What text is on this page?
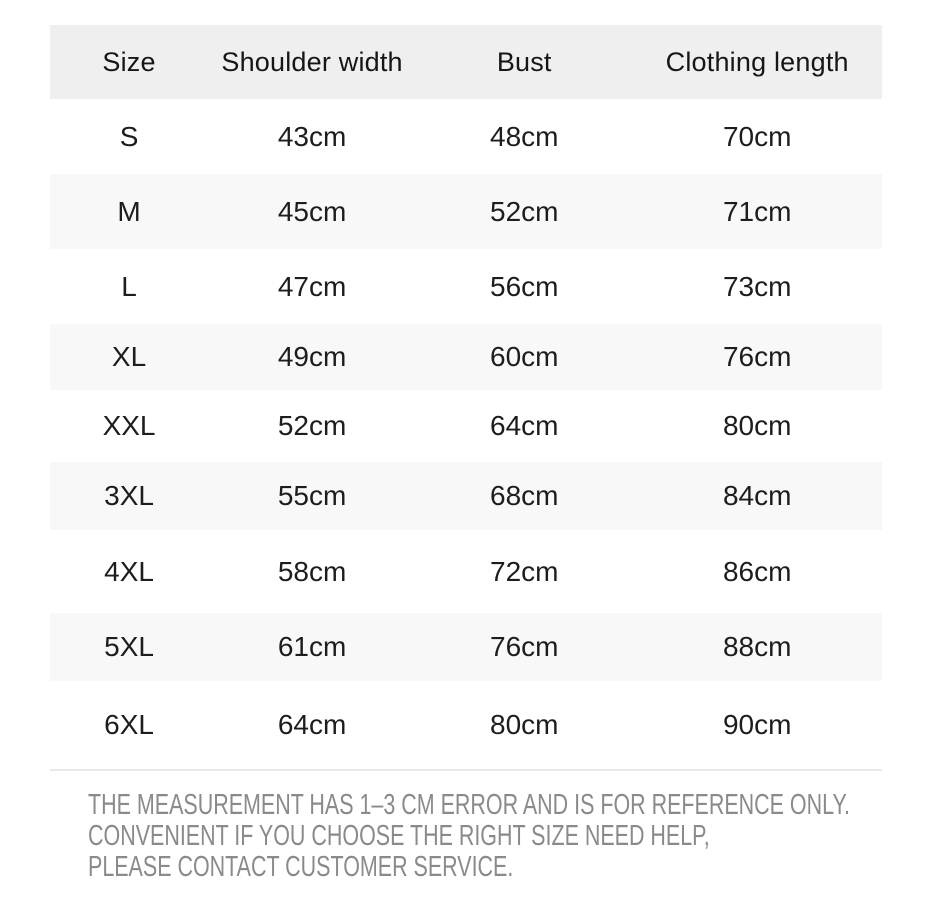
Size	Shoulder width	Bust	Clothing length
S	43cm	48cm	70cm
M	45cm	52cm	71cm
L	47cm	56cm	73cm
XL	49cm	60cm	76cm
XXL	52cm	64cm	80cm
3XL	55cm	68cm	84cm
4XL	58cm	72cm	86cm
5XL	61cm	76cm	88cm
6XL	64cm	80cm	90cm
THE MEASUREMENT HAS 1–3 CM ERROR AND IS FOR REFERENCE ONLY.
CONVENIENT IF YOU CHOOSE THE RIGHT SIZE NEED HELP,
PLEASE CONTACT CUSTOMER SERVICE.
